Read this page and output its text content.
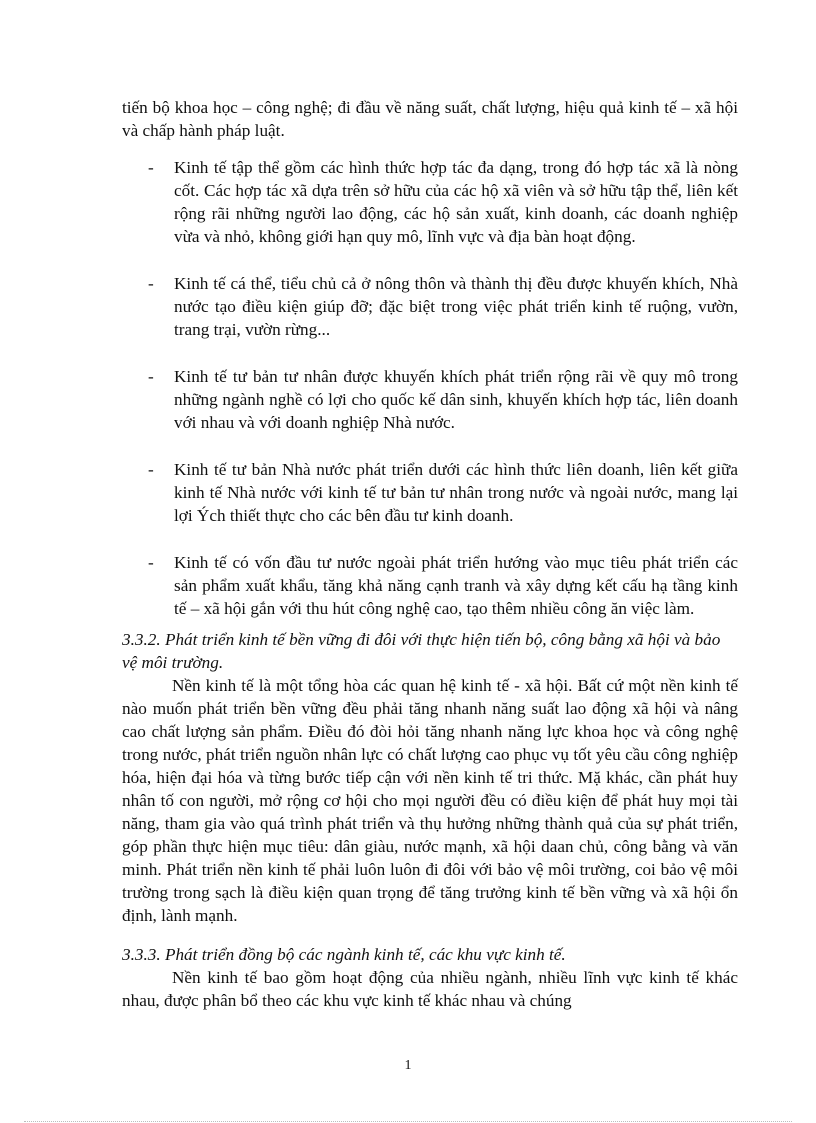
tiến bộ khoa học – công nghệ; đi đầu về năng suất, chất lượng, hiệu quả kinh tế – xã hội và chấp hành pháp luật.

- Kinh tế tập thể gồm các hình thức hợp tác đa dạng, trong đó hợp tác xã là nòng cốt. Các hợp tác xã dựa trên sở hữu của các hộ xã viên và sở hữu tập thể, liên kết rộng rãi những người lao động, các hộ sản xuất, kinh doanh, các doanh nghiệp vừa và nhỏ, không giới hạn quy mô, lĩnh vực và địa bàn hoạt động.
- Kinh tế cá thể, tiểu chủ cả ở nông thôn và thành thị đều được khuyến khích, Nhà nước tạo điều kiện giúp đỡ; đặc biệt trong việc phát triển kinh tế ruộng, vườn, trang trại, vườn rừng...
- Kinh tế tư bản tư nhân được khuyến khích phát triển rộng rãi về quy mô trong những ngành nghề có lợi cho quốc kế dân sinh, khuyến khích hợp tác, liên doanh với nhau và với doanh nghiệp Nhà nước.
- Kinh tế tư bản Nhà nước phát triển dưới các hình thức liên doanh, liên kết giữa kinh tế Nhà nước với kinh tế tư bản tư nhân trong nước và ngoài nước, mang lại lợi Ých thiết thực cho các bên đầu tư kinh doanh.
- Kinh tế có vốn đầu tư nước ngoài phát triển hướng vào mục tiêu phát triển các sản phẩm xuất khẩu, tăng khả năng cạnh tranh và xây dựng kết cấu hạ tầng kinh tế – xã hội gắn với thu hút công nghệ cao, tạo thêm nhiều công ăn việc làm.
3.3.2. Phát triển kinh tế bền vững đi đôi với thực hiện tiến bộ, công bằng xã hội và bảo vệ môi trường.

Nền kinh tế là một tổng hòa các quan hệ kinh tế - xã hội. Bất cứ một nền kinh tế nào muốn phát triển bền vững đều phải tăng nhanh năng suất lao động xã hội và nâng cao chất lượng sản phẩm. Điều đó đòi hỏi tăng nhanh năng lực khoa học và công nghệ trong nước, phát triển nguồn nhân lực có chất lượng cao phục vụ tốt yêu cầu công nghiệp hóa, hiện đại hóa và từng bước tiếp cận với nền kinh tế tri thức. Mặ khác, cần phát huy nhân tố con người, mở rộng cơ hội cho mọi người đều có điều kiện để phát huy mọi tài năng, tham gia vào quá trình phát triển và thụ hưởng những thành quả của sự phát triển, góp phần thực hiện mục tiêu: dân giàu, nước mạnh, xã hội daan chủ, công bằng và văn minh. Phát triển nền kinh tế phải luôn luôn đi đôi với bảo vệ môi trường, coi bảo vệ môi trường trong sạch là điều kiện quan trọng để tăng trưởng kinh tế bền vững và xã hội ổn định, lành mạnh.

3.3.3. Phát triển đồng bộ các ngành kinh tế, các khu vực kinh tế.

Nền kinh tế bao gồm hoạt động của nhiều ngành, nhiều lĩnh vực kinh tế khác nhau, được phân bổ theo các khu vực kinh tế khác nhau và chúng

1
